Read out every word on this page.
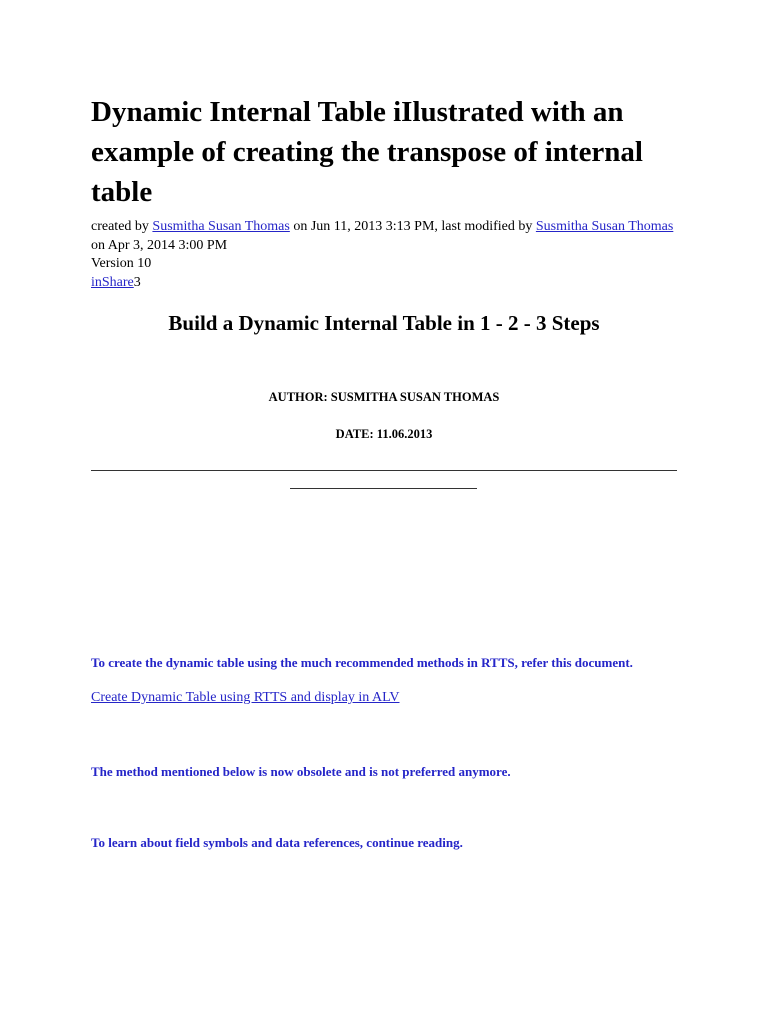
Dynamic Internal Table iIlustrated with an example of creating the transpose of internal table
created by Susmitha Susan Thomas on Jun 11, 2013 3:13 PM, last modified by Susmitha Susan Thomas on Apr 3, 2014 3:00 PM
Version 10
inShare3
Build a Dynamic Internal Table in 1 - 2 - 3 Steps
AUTHOR: SUSMITHA SUSAN THOMAS
DATE: 11.06.2013
To create the dynamic table using the much recommended methods in RTTS, refer this document.
Create Dynamic Table using RTTS and display in ALV
The method mentioned below is now obsolete and is not preferred anymore.
To learn about field symbols and data references, continue reading.
